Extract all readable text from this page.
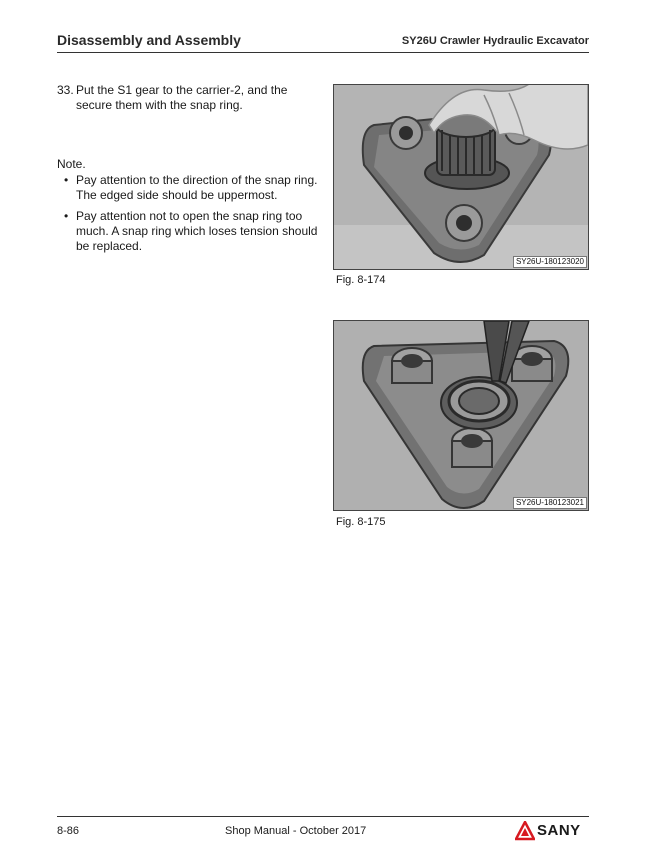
Disassembly and Assembly	SY26U Crawler Hydraulic Excavator
33. Put the S1 gear to the carrier-2, and the secure them with the snap ring.
Note.
• Pay attention to the direction of the snap ring. The edged side should be uppermost.
• Pay attention not to open the snap ring too much. A snap ring which loses tension should be replaced.
SY26U-180123020
Fig. 8-174
SY26U-180123021
Fig. 8-175
8-86	Shop Manual - October 2017	SANY
